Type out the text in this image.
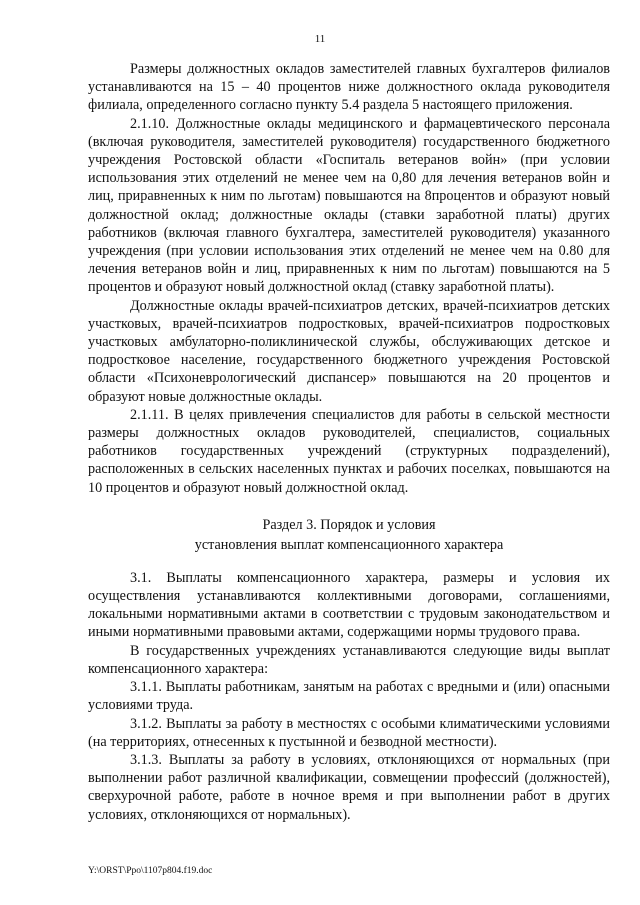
11

Размеры должностных окладов заместителей главных бухгалтеров филиалов устанавливаются на 15 – 40 процентов ниже должностного оклада руководителя филиала, определенного согласно пункту 5.4 раздела 5 настоящего приложения.

2.1.10. Должностные оклады медицинского и фармацевтического персонала (включая руководителя, заместителей руководителя) государственного бюджетного учреждения Ростовской области «Госпиталь ветеранов войн» (при условии использования этих отделений не менее чем на 0,80 для лечения ветеранов войн и лиц, приравненных к ним по льготам) повышаются на 8процентов и образуют новый должностной оклад; должностные оклады (ставки заработной платы) других работников (включая главного бухгалтера, заместителей руководителя) указанного учреждения (при условии использования этих отделений не менее чем на 0.80 для лечения ветеранов войн и лиц, приравненных к ним по льготам) повышаются на 5 процентов и образуют новый должностной оклад (ставку заработной платы).

Должностные оклады врачей-психиатров детских, врачей-психиатров детских участковых, врачей-психиатров подростковых, врачей-психиатров подростковых участковых амбулаторно-поликлинической службы, обслуживающих детское и подростковое население, государственного бюджетного учреждения Ростовской области «Психоневрологический диспансер» повышаются на 20 процентов и образуют новые должностные оклады.

2.1.11. В целях привлечения специалистов для работы в сельской местности размеры должностных окладов руководителей, специалистов, социальных работников государственных учреждений (структурных подразделений), расположенных в сельских населенных пунктах и рабочих поселках, повышаются на 10 процентов и образуют новый должностной оклад.

Раздел 3. Порядок и условия
установления выплат компенсационного характера

3.1. Выплаты компенсационного характера, размеры и условия их осуществления устанавливаются коллективными договорами, соглашениями, локальными нормативными актами в соответствии с трудовым законодательством и иными нормативными правовыми актами, содержащими нормы трудового права.

В государственных учреждениях устанавливаются следующие виды выплат компенсационного характера:

3.1.1. Выплаты работникам, занятым на работах с вредными и (или) опасными условиями труда.

3.1.2. Выплаты за работу в местностях с особыми климатическими условиями (на территориях, отнесенных к пустынной и безводной местности).

3.1.3. Выплаты за работу в условиях, отклоняющихся от нормальных (при выполнении работ различной квалификации, совмещении профессий (должностей), сверхурочной работе, работе в ночное время и при выполнении работ в других условиях, отклоняющихся от нормальных).

Y:\ORST\Ppo\1107p804.f19.doc
